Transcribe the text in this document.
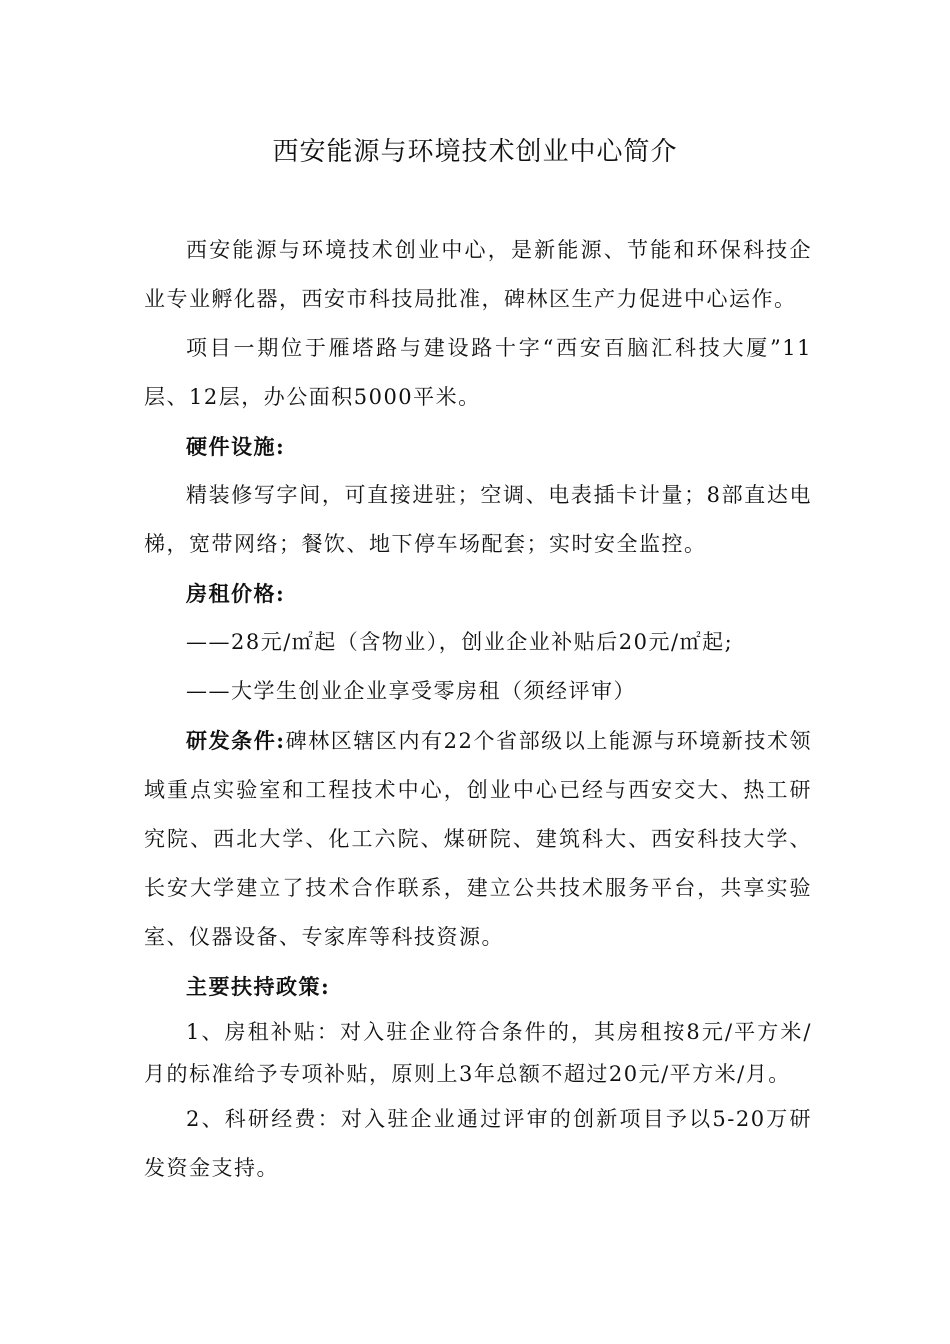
西安能源与环境技术创业中心简介

西安能源与环境技术创业中心，是新能源、节能和环保科技企业专业孵化器，西安市科技局批准，碑林区生产力促进中心运作。

项目一期位于雁塔路与建设路十字“西安百脑汇科技大厦”11层、12层，办公面积5000平米。

硬件设施:

精装修写字间，可直接进驻；空调、电表插卡计量；8部直达电梯，宽带网络；餐饮、地下停车场配套；实时安全监控。

房租价格:

——28元/㎡起（含物业），创业企业补贴后20元/㎡起;

——大学生创业企业享受零房租（须经评审）

研发条件:碑林区辖区内有22个省部级以上能源与环境新技术领域重点实验室和工程技术中心，创业中心已经与西安交大、热工研究院、西北大学、化工六院、煤研院、建筑科大、西安科技大学、长安大学建立了技术合作联系，建立公共技术服务平台，共享实验室、仪器设备、专家库等科技资源。

主要扶持政策:

1、房租补贴：对入驻企业符合条件的，其房租按8元/平方米/月的标准给予专项补贴，原则上3年总额不超过20元/平方米/月。

2、科研经费：对入驻企业通过评审的创新项目予以5-20万研发资金支持。
